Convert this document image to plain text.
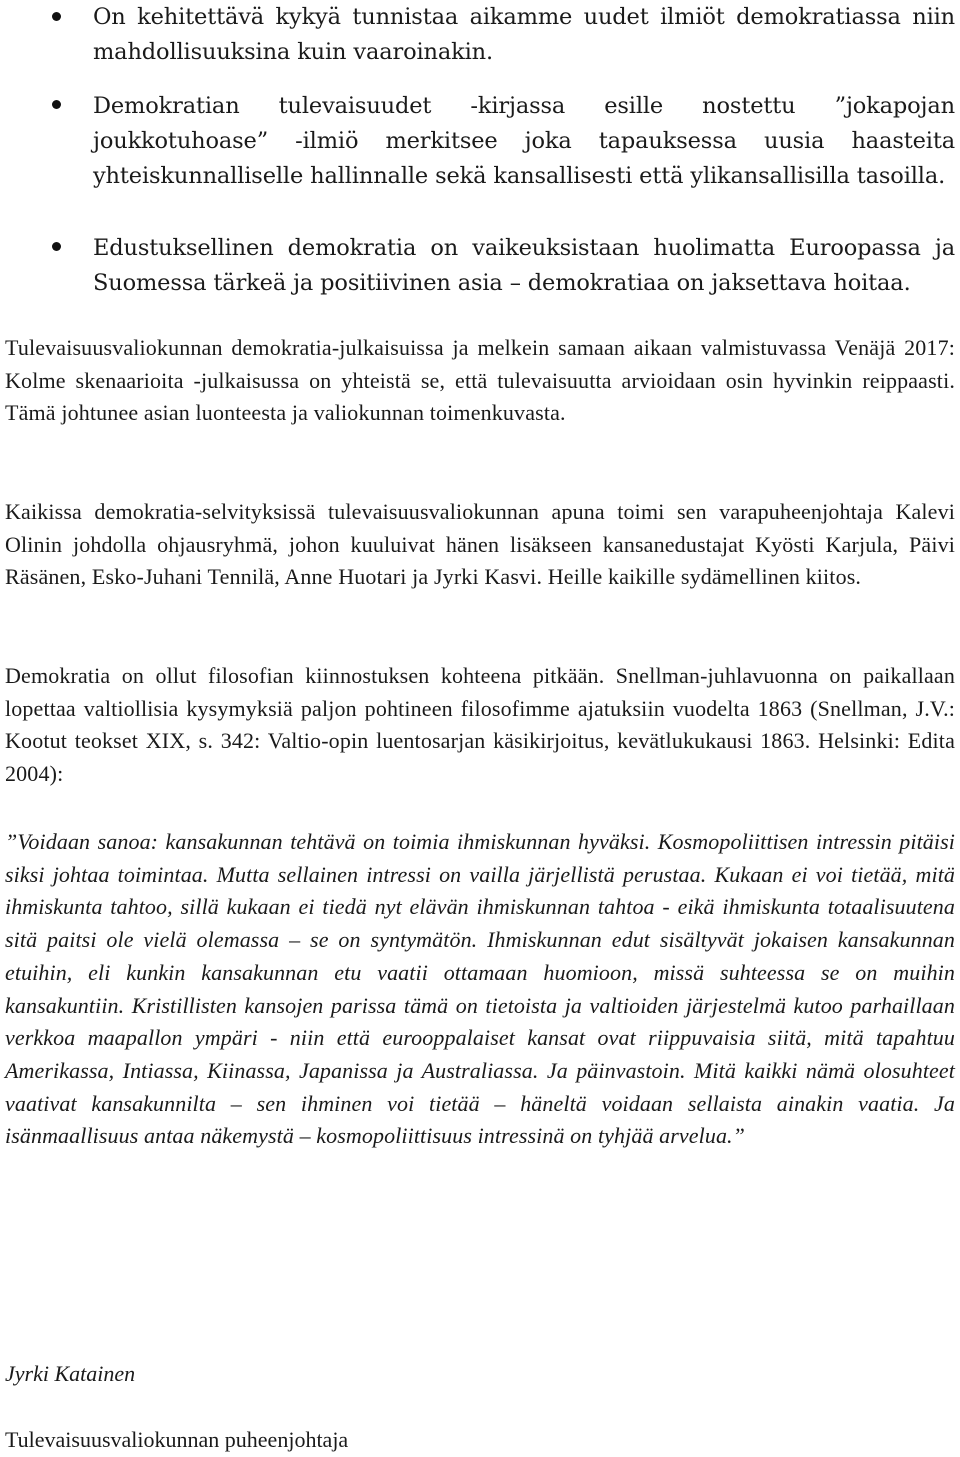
On kehitettävä kykyä tunnistaa aikamme uudet ilmiöt demokratiassa niin mahdollisuuksina kuin vaaroinakin.
Demokratian tulevaisuudet -kirjassa esille nostettu ”jokapojan joukkotuhoase” -ilmiö merkitsee joka tapauksessa uusia haasteita yhteiskunnalliselle hallinnalle sekä kansallisesti että ylikansallisilla tasoilla.
Edustuksellinen demokratia on vaikeuksistaan huolimatta Euroopassa ja Suomessa tärkeä ja positiivinen asia – demokratiaa on jaksettava hoitaa.

Tulevaisuusvaliokunnan demokratia-julkaisuissa ja melkein samaan aikaan valmistuvassa Venäjä 2017: Kolme skenaarioita -julkaisussa on yhteistä se, että tulevaisuutta arvioidaan osin hyvinkin reippaasti. Tämä johtunee asian luonteesta ja valiokunnan toimenkuvasta.

Kaikissa demokratia-selvityksissä tulevaisuusvaliokunnan apuna toimi sen varapuheenjohtaja Kalevi Olinin johdolla ohjausryhmä, johon kuuluivat hänen lisäkseen kansanedustajat Kyösti Karjula, Päivi Räsänen, Esko-Juhani Tennilä, Anne Huotari ja Jyrki Kasvi. Heille kaikille sydämellinen kiitos.

Demokratia on ollut filosofian kiinnostuksen kohteena pitkään. Snellman-juhlavuonna on paikallaan lopettaa valtiollisia kysymyksiä paljon pohtineen filosofimme ajatuksiin vuodelta 1863 (Snellman, J.V.: Kootut teokset XIX, s. 342: Valtio-opin luentosarjan käsikirjoitus, kevätlukukausi 1863. Helsinki: Edita 2004):

”Voidaan sanoa: kansakunnan tehtävä on toimia ihmiskunnan hyväksi. Kosmopoliittisen intressin pitäisi siksi johtaa toimintaa. Mutta sellainen intressi on vailla järjellistä perustaa. Kukaan ei voi tietää, mitä ihmiskunta tahtoo, sillä kukaan ei tiedä nyt elävän ihmiskunnan tahtoa - eikä ihmiskunta totaalisuutena sitä paitsi ole vielä olemassa – se on syntymätön. Ihmiskunnan edut sisältyvät jokaisen kansakunnan etuihin, eli kunkin kansakunnan etu vaatii ottamaan huomioon, missä suhteessa se on muihin kansakuntiin. Kristillisten kansojen parissa tämä on tietoista ja valtioiden järjestelmä kutoo parhaillaan verkkoa maapallon ympäri - niin että eurooppalaiset kansat ovat riippuvaisia siitä, mitä tapahtuu Amerikassa, Intiassa, Kiinassa, Japanissa ja Australiassa. Ja päinvastoin. Mitä kaikki nämä olosuhteet vaativat kansakunnilta – sen ihminen voi tietää – häneltä voidaan sellaista ainakin vaatia. Ja isänmaallisuus antaa näkemystä – kosmopoliittisuus intressinä on tyhjää arvelua.”

Jyrki Katainen
Tulevaisuusvaliokunnan puheenjohtaja
